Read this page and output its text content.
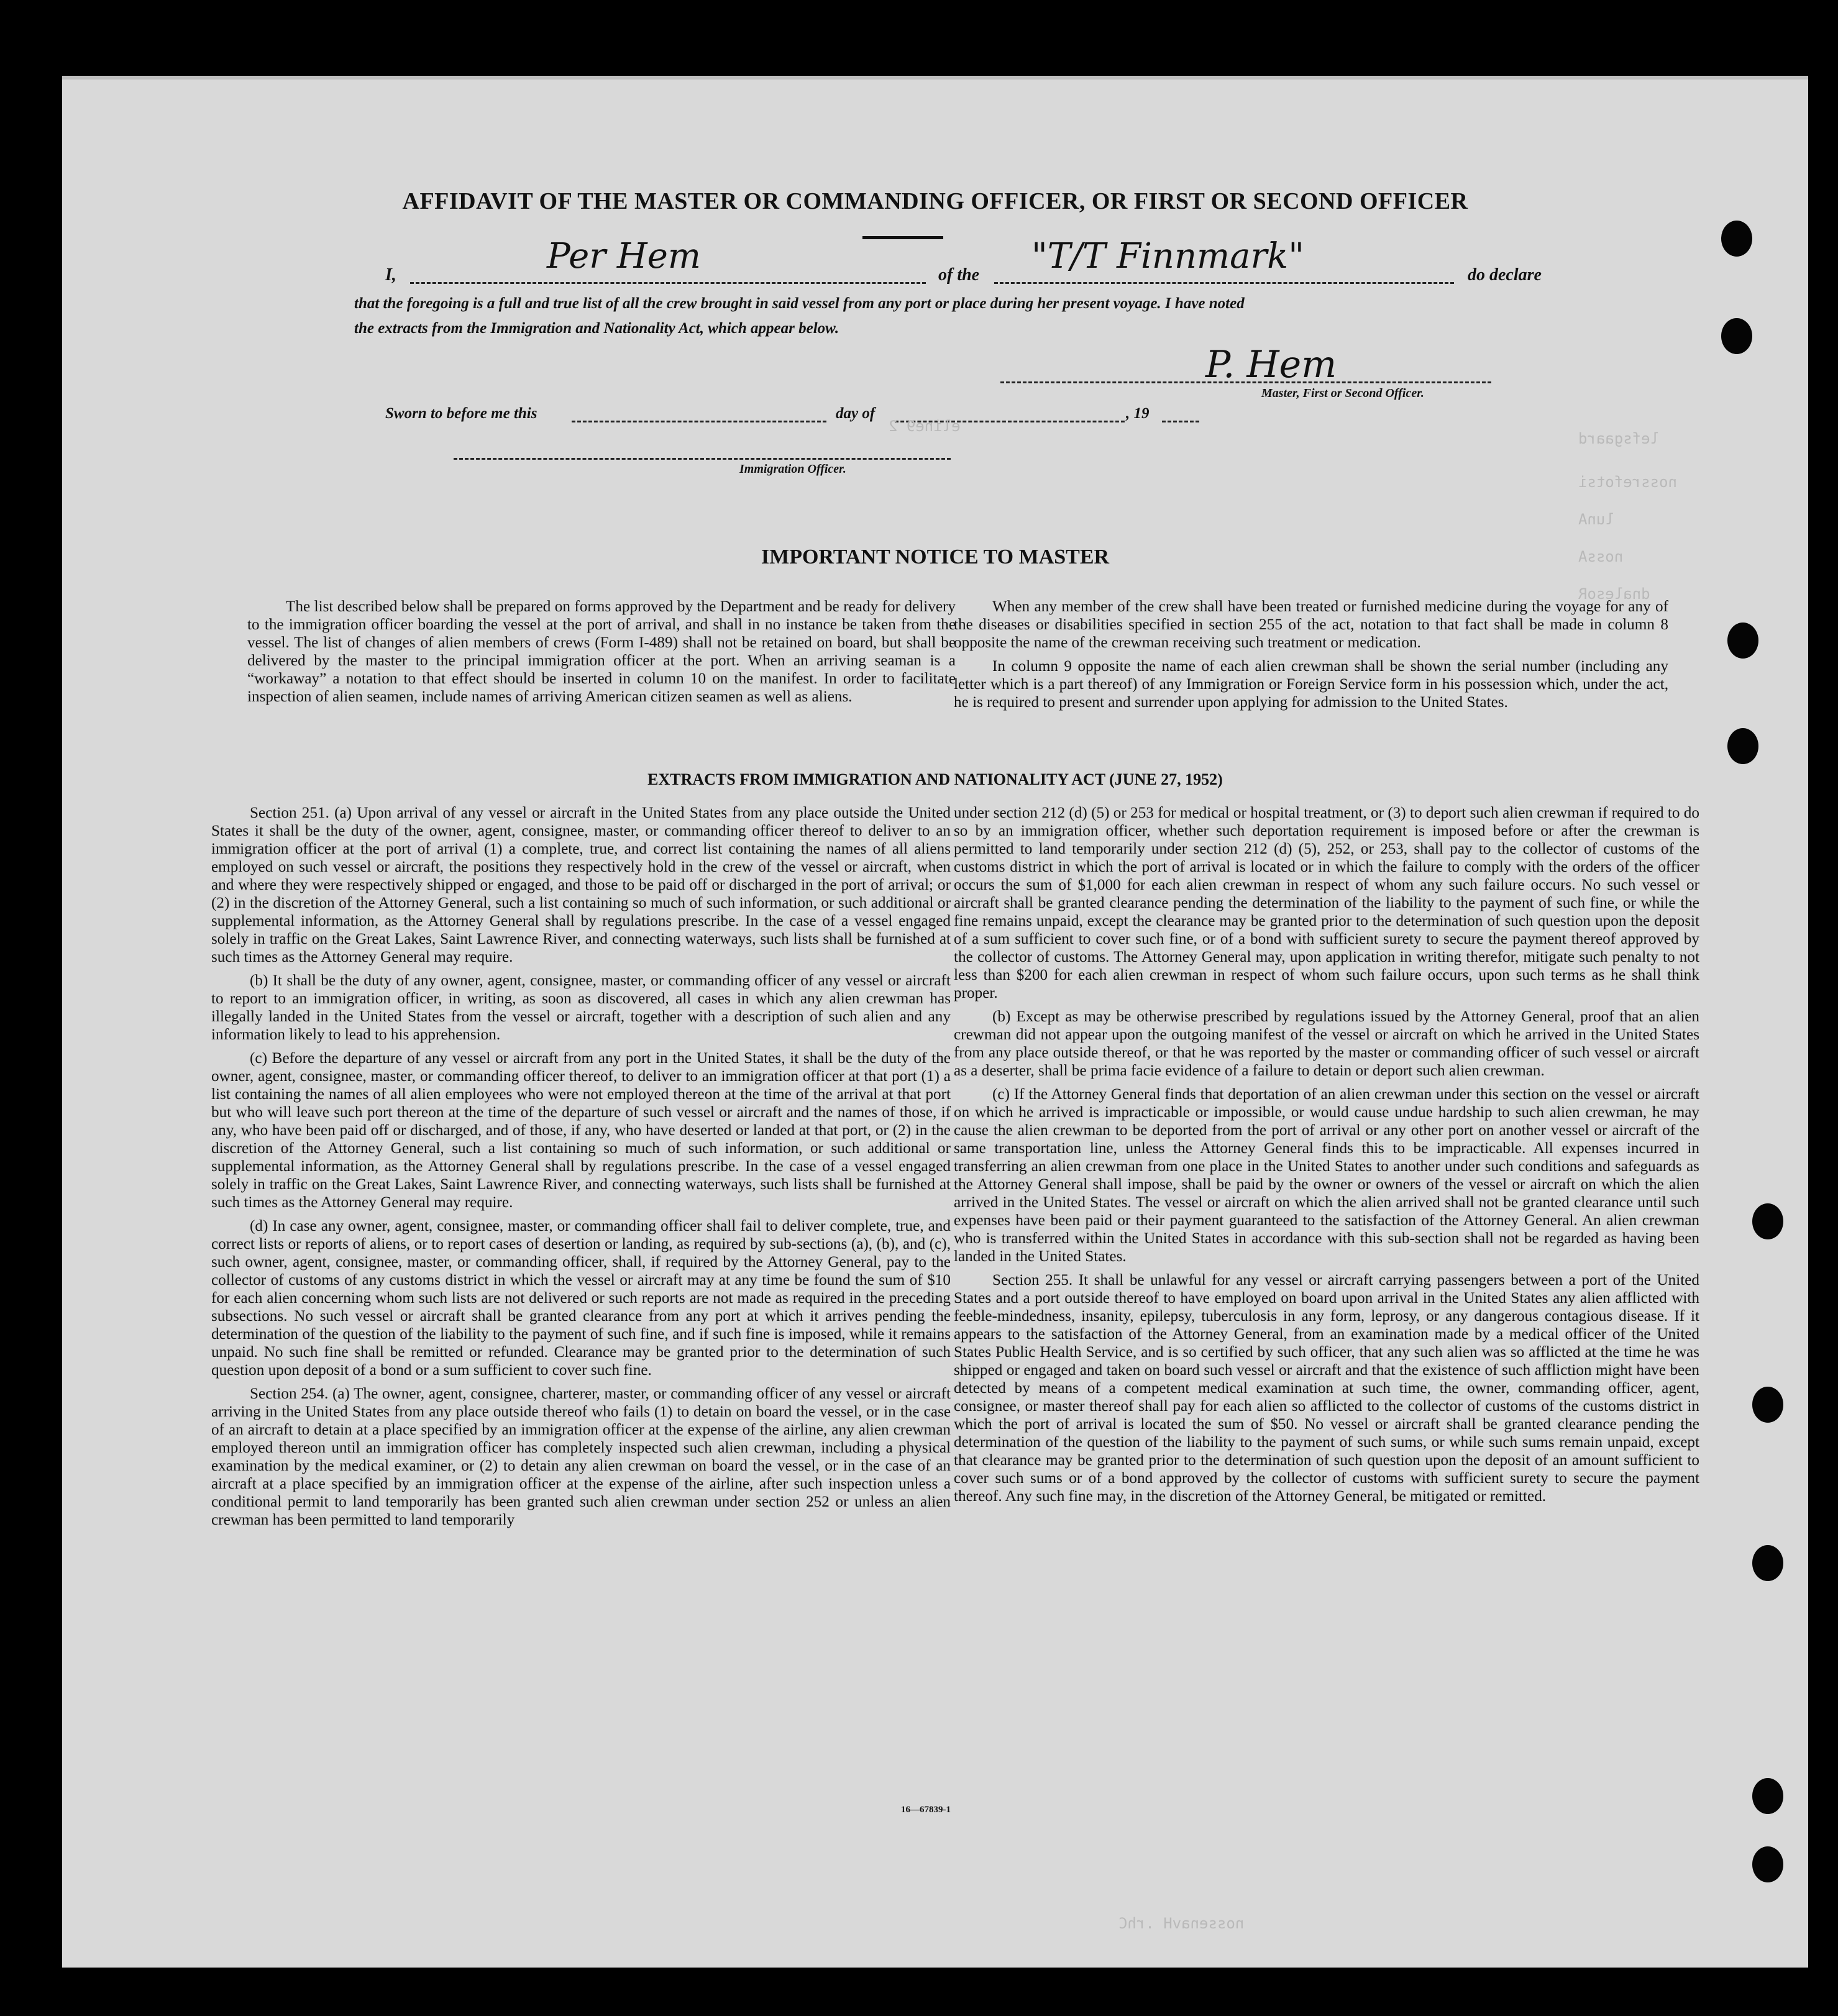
AFFIDAVIT OF THE MASTER OR COMMANDING OFFICER, OR FIRST OR SECOND OFFICER
I,	Per Hem	of the "T/T Finnmark"	do declare
that the foregoing is a full and true list of all the crew brought in said vessel from any port or place during her present voyage. I have noted
the extracts from the Immigration and Nationality Act, which appear below.
P. Hem
Master, First or Second Officer.
Sworn to before me this	day of	, 19
Immigration Officer.
eline9 2
lefsgaard
nossrefotsi
lunA
nossA
dnalesoR
nossenavH .rhC
IMPORTANT NOTICE TO MASTER

The list described below shall be prepared on forms approved by the Department and be ready for delivery to the immigration officer boarding the vessel at the port of arrival, and shall in no instance be taken from the vessel. The list of changes of alien members of crews (Form I-489) shall not be retained on board, but shall be delivered by the master to the principal immigration officer at the port. When an arriving seaman is a “workaway” a notation to that effect should be inserted in column 10 on the manifest. In order to facilitate inspection of alien seamen, include names of arriving American citizen seamen as well as aliens.

When any member of the crew shall have been treated or furnished medicine during the voyage for any of the diseases or disabilities specified in section 255 of the act, notation to that fact shall be made in column 8 opposite the name of the crewman receiving such treatment or medication.

In column 9 opposite the name of each alien crewman shall be shown the serial number (including any letter which is a part thereof) of any Immigration or Foreign Service form in his possession which, under the act, he is required to present and surrender upon applying for admission to the United States.

EXTRACTS FROM IMMIGRATION AND NATIONALITY ACT (JUNE 27, 1952)

Section 251. (a) Upon arrival of any vessel or aircraft in the United States from any place outside the United States it shall be the duty of the owner, agent, consignee, master, or commanding officer thereof to deliver to an immigration officer at the port of arrival (1) a complete, true, and correct list containing the names of all aliens employed on such vessel or aircraft, the positions they respectively hold in the crew of the vessel or aircraft, when and where they were respectively shipped or engaged, and those to be paid off or discharged in the port of arrival; or (2) in the discretion of the Attorney General, such a list containing so much of such information, or such additional or supplemental information, as the Attorney General shall by regulations prescribe. In the case of a vessel engaged solely in traffic on the Great Lakes, Saint Lawrence River, and connecting waterways, such lists shall be furnished at such times as the Attorney General may require.

(b) It shall be the duty of any owner, agent, consignee, master, or commanding officer of any vessel or aircraft to report to an immigration officer, in writing, as soon as discovered, all cases in which any alien crewman has illegally landed in the United States from the vessel or aircraft, together with a description of such alien and any information likely to lead to his apprehension.

(c) Before the departure of any vessel or aircraft from any port in the United States, it shall be the duty of the owner, agent, consignee, master, or commanding officer thereof, to deliver to an immigration officer at that port (1) a list containing the names of all alien employees who were not employed thereon at the time of the arrival at that port but who will leave such port thereon at the time of the departure of such vessel or aircraft and the names of those, if any, who have been paid off or discharged, and of those, if any, who have deserted or landed at that port, or (2) in the discretion of the Attorney General, such a list containing so much of such information, or such additional or supplemental information, as the Attorney General shall by regulations prescribe. In the case of a vessel engaged solely in traffic on the Great Lakes, Saint Lawrence River, and connecting waterways, such lists shall be furnished at such times as the Attorney General may require.

(d) In case any owner, agent, consignee, master, or commanding officer shall fail to deliver complete, true, and correct lists or reports of aliens, or to report cases of desertion or landing, as required by sub-sections (a), (b), and (c), such owner, agent, consignee, master, or commanding officer, shall, if required by the Attorney General, pay to the collector of customs of any customs district in which the vessel or aircraft may at any time be found the sum of $10 for each alien concerning whom such lists are not delivered or such reports are not made as required in the preceding subsections. No such vessel or aircraft shall be granted clearance from any port at which it arrives pending the determination of the question of the liability to the payment of such fine, and if such fine is imposed, while it remains unpaid. No such fine shall be remitted or refunded. Clearance may be granted prior to the determination of such question upon deposit of a bond or a sum sufficient to cover such fine.

Section 254. (a) The owner, agent, consignee, charterer, master, or commanding officer of any vessel or aircraft arriving in the United States from any place outside thereof who fails (1) to detain on board the vessel, or in the case of an aircraft to detain at a place specified by an immigration officer at the expense of the airline, any alien crewman employed thereon until an immigration officer has completely inspected such alien crewman, including a physical examination by the medical examiner, or (2) to detain any alien crewman on board the vessel, or in the case of an aircraft at a place specified by an immigration officer at the expense of the airline, after such inspection unless a conditional permit to land temporarily has been granted such alien crewman under section 252 or unless an alien crewman has been permitted to land temporarily

under section 212 (d) (5) or 253 for medical or hospital treatment, or (3) to deport such alien crewman if required to do so by an immigration officer, whether such deportation requirement is imposed before or after the crewman is permitted to land temporarily under section 212 (d) (5), 252, or 253, shall pay to the collector of customs of the customs district in which the port of arrival is located or in which the failure to comply with the orders of the officer occurs the sum of $1,000 for each alien crewman in respect of whom any such failure occurs. No such vessel or aircraft shall be granted clearance pending the determination of the liability to the payment of such fine, or while the fine remains unpaid, except the clearance may be granted prior to the determination of such question upon the deposit of a sum sufficient to cover such fine, or of a bond with sufficient surety to secure the payment thereof approved by the collector of customs. The Attorney General may, upon application in writing therefor, mitigate such penalty to not less than $200 for each alien crewman in respect of whom such failure occurs, upon such terms as he shall think proper.

(b) Except as may be otherwise prescribed by regulations issued by the Attorney General, proof that an alien crewman did not appear upon the outgoing manifest of the vessel or aircraft on which he arrived in the United States from any place outside thereof, or that he was reported by the master or commanding officer of such vessel or aircraft as a deserter, shall be prima facie evidence of a failure to detain or deport such alien crewman.

(c) If the Attorney General finds that deportation of an alien crewman under this section on the vessel or aircraft on which he arrived is impracticable or impossible, or would cause undue hardship to such alien crewman, he may cause the alien crewman to be deported from the port of arrival or any other port on another vessel or aircraft of the same transportation line, unless the Attorney General finds this to be impracticable. All expenses incurred in transferring an alien crewman from one place in the United States to another under such conditions and safeguards as the Attorney General shall impose, shall be paid by the owner or owners of the vessel or aircraft on which the alien arrived in the United States. The vessel or aircraft on which the alien arrived shall not be granted clearance until such expenses have been paid or their payment guaranteed to the satisfaction of the Attorney General. An alien crewman who is transferred within the United States in accordance with this sub-section shall not be regarded as having been landed in the United States.

Section 255. It shall be unlawful for any vessel or aircraft carrying passengers between a port of the United States and a port outside thereof to have employed on board upon arrival in the United States any alien afflicted with feeble-mindedness, insanity, epilepsy, tuberculosis in any form, leprosy, or any dangerous contagious disease. If it appears to the satisfaction of the Attorney General, from an examination made by a medical officer of the United States Public Health Service, and is so certified by such officer, that any such alien was so afflicted at the time he was shipped or engaged and taken on board such vessel or aircraft and that the existence of such affliction might have been detected by means of a competent medical examination at such time, the owner, commanding officer, agent, consignee, or master thereof shall pay for each alien so afflicted to the collector of customs of the customs district in which the port of arrival is located the sum of $50. No vessel or aircraft shall be granted clearance pending the determination of the question of the liability to the payment of such sums, or while such sums remain unpaid, except that clearance may be granted prior to the determination of such question upon the deposit of an amount sufficient to cover such sums or of a bond approved by the collector of customs with sufficient surety to secure the payment thereof. Any such fine may, in the discretion of the Attorney General, be mitigated or remitted.

16—67839-1
